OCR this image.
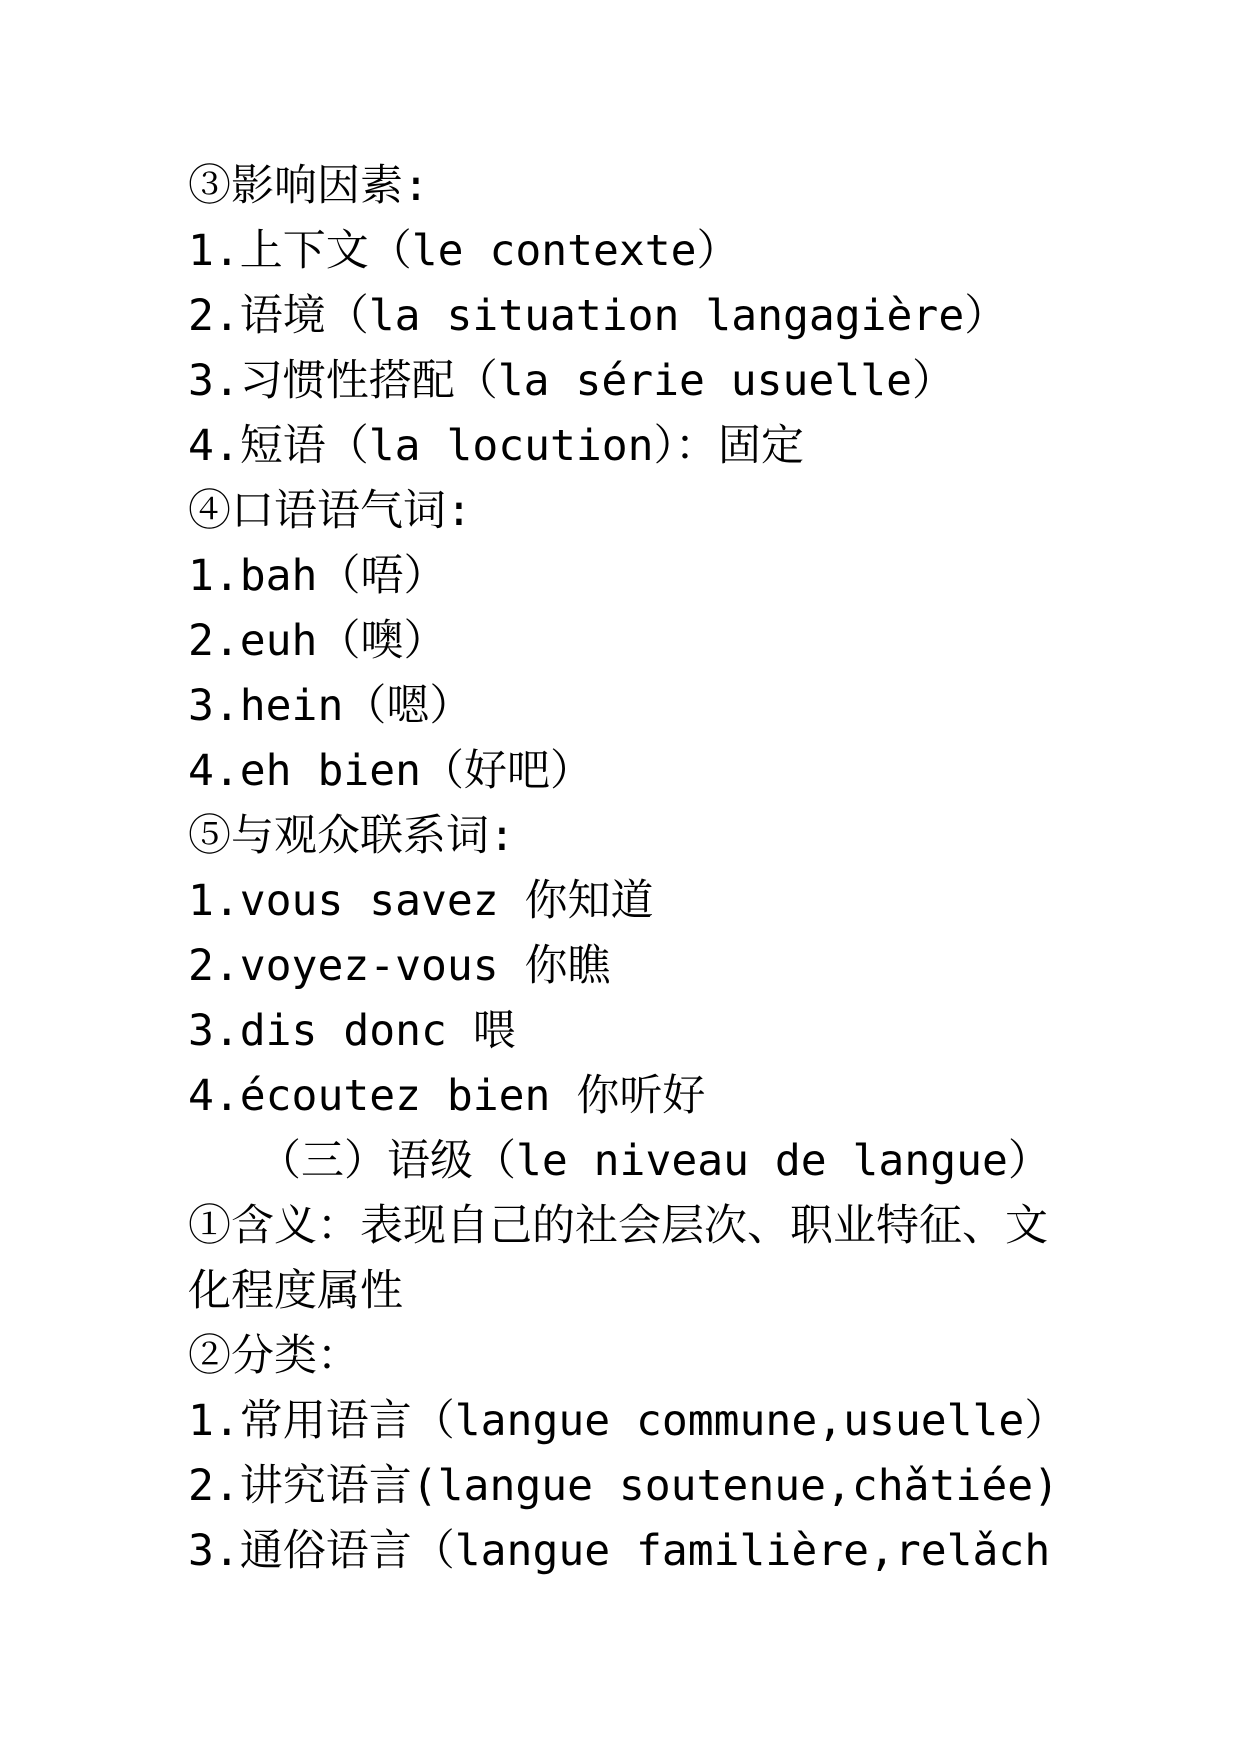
③影响因素:
1.上下文（le contexte）
2.语境（la situation langagière）
3.习惯性搭配（la série usuelle）
4.短语（la locution）：固定
④口语语气词:
1.bah（唔）
2.euh（噢）
3.hein（嗯）
4.eh bien（好吧）
⑤与观众联系词:
1.vous savez 你知道
2.voyez-vous 你瞧
3.dis donc 喂
4.écoutez bien 你听好
（三）语级（le niveau de langue）
①含义：表现自己的社会层次、职业特征、文化程度属性
②分类：
1.常用语言（langue commune,usuelle）
2.讲究语言(langue soutenue,chǎtiée)
3.通俗语言（langue familière,relǎch
